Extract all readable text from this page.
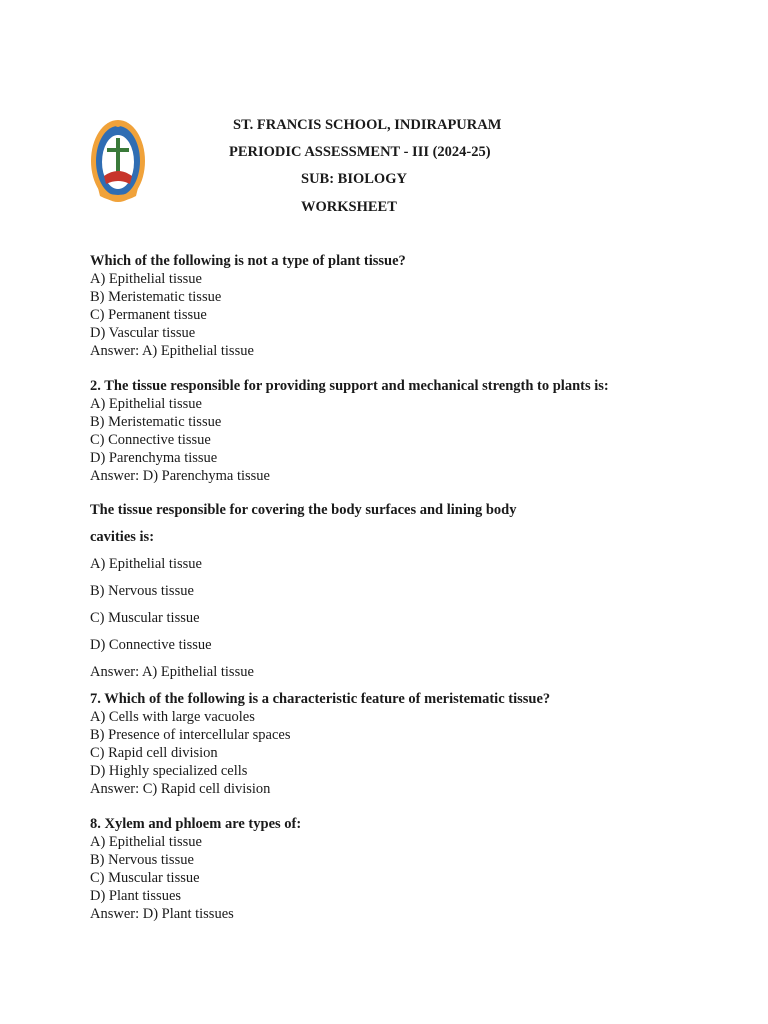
ST. FRANCIS SCHOOL, INDIRAPURAM
PERIODIC ASSESSMENT - III (2024-25)
SUB: BIOLOGY
WORKSHEET
Which of the following is not a type of plant tissue?
A) Epithelial tissue
B) Meristematic tissue
C) Permanent tissue
D) Vascular tissue
Answer: A) Epithelial tissue
2. The tissue responsible for providing support and mechanical strength to plants is:
A) Epithelial tissue
B) Meristematic tissue
C) Connective tissue
D) Parenchyma tissue
Answer: D) Parenchyma tissue
The tissue responsible for covering the body surfaces and lining body
cavities is:
A) Epithelial tissue
B) Nervous tissue
C) Muscular tissue
D) Connective tissue
Answer: A) Epithelial tissue
7. Which of the following is a characteristic feature of meristematic tissue?
A) Cells with large vacuoles
B) Presence of intercellular spaces
C) Rapid cell division
D) Highly specialized cells
Answer: C) Rapid cell division
8. Xylem and phloem are types of:
A) Epithelial tissue
B) Nervous tissue
C) Muscular tissue
D) Plant tissues
Answer: D) Plant tissues
